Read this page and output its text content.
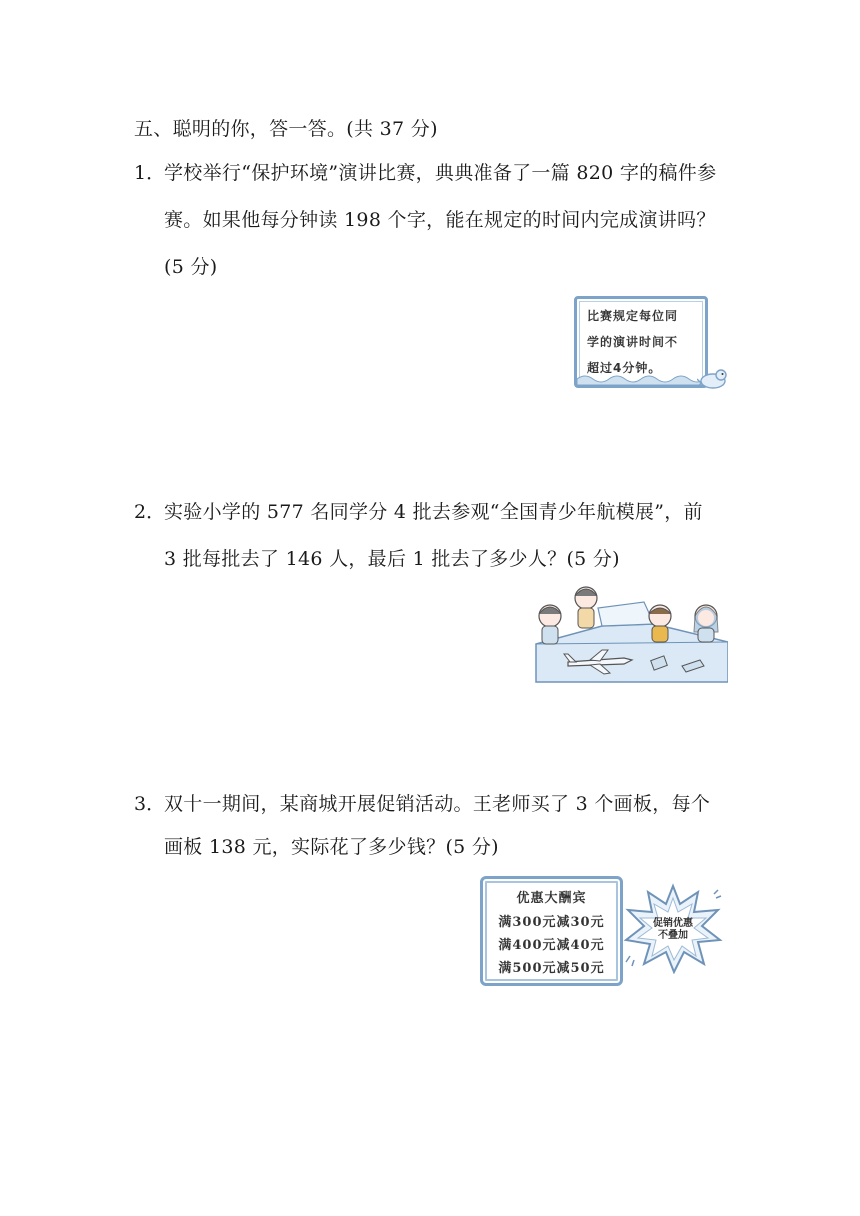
五、聪明的你，答一答。(共 37 分)
1．
学校举行“保护环境”演讲比赛，典典准备了一篇 820 字的稿件参
赛。如果他每分钟读 198 个字，能在规定的时间内完成演讲吗？
(5 分)
比赛规定每位同
学的演讲时间不
超过4分钟。
2．
实验小学的 577 名同学分 4 批去参观“全国青少年航模展”，前
3 批每批去了 146 人，最后 1 批去了多少人？(5 分)
3．
双十一期间，某商城开展促销活动。王老师买了 3 个画板，每个
画板 138 元，实际花了多少钱？(5 分)
优惠大酬宾
满300元减30元
满400元减40元
满500元减50元
促销优惠
不叠加
